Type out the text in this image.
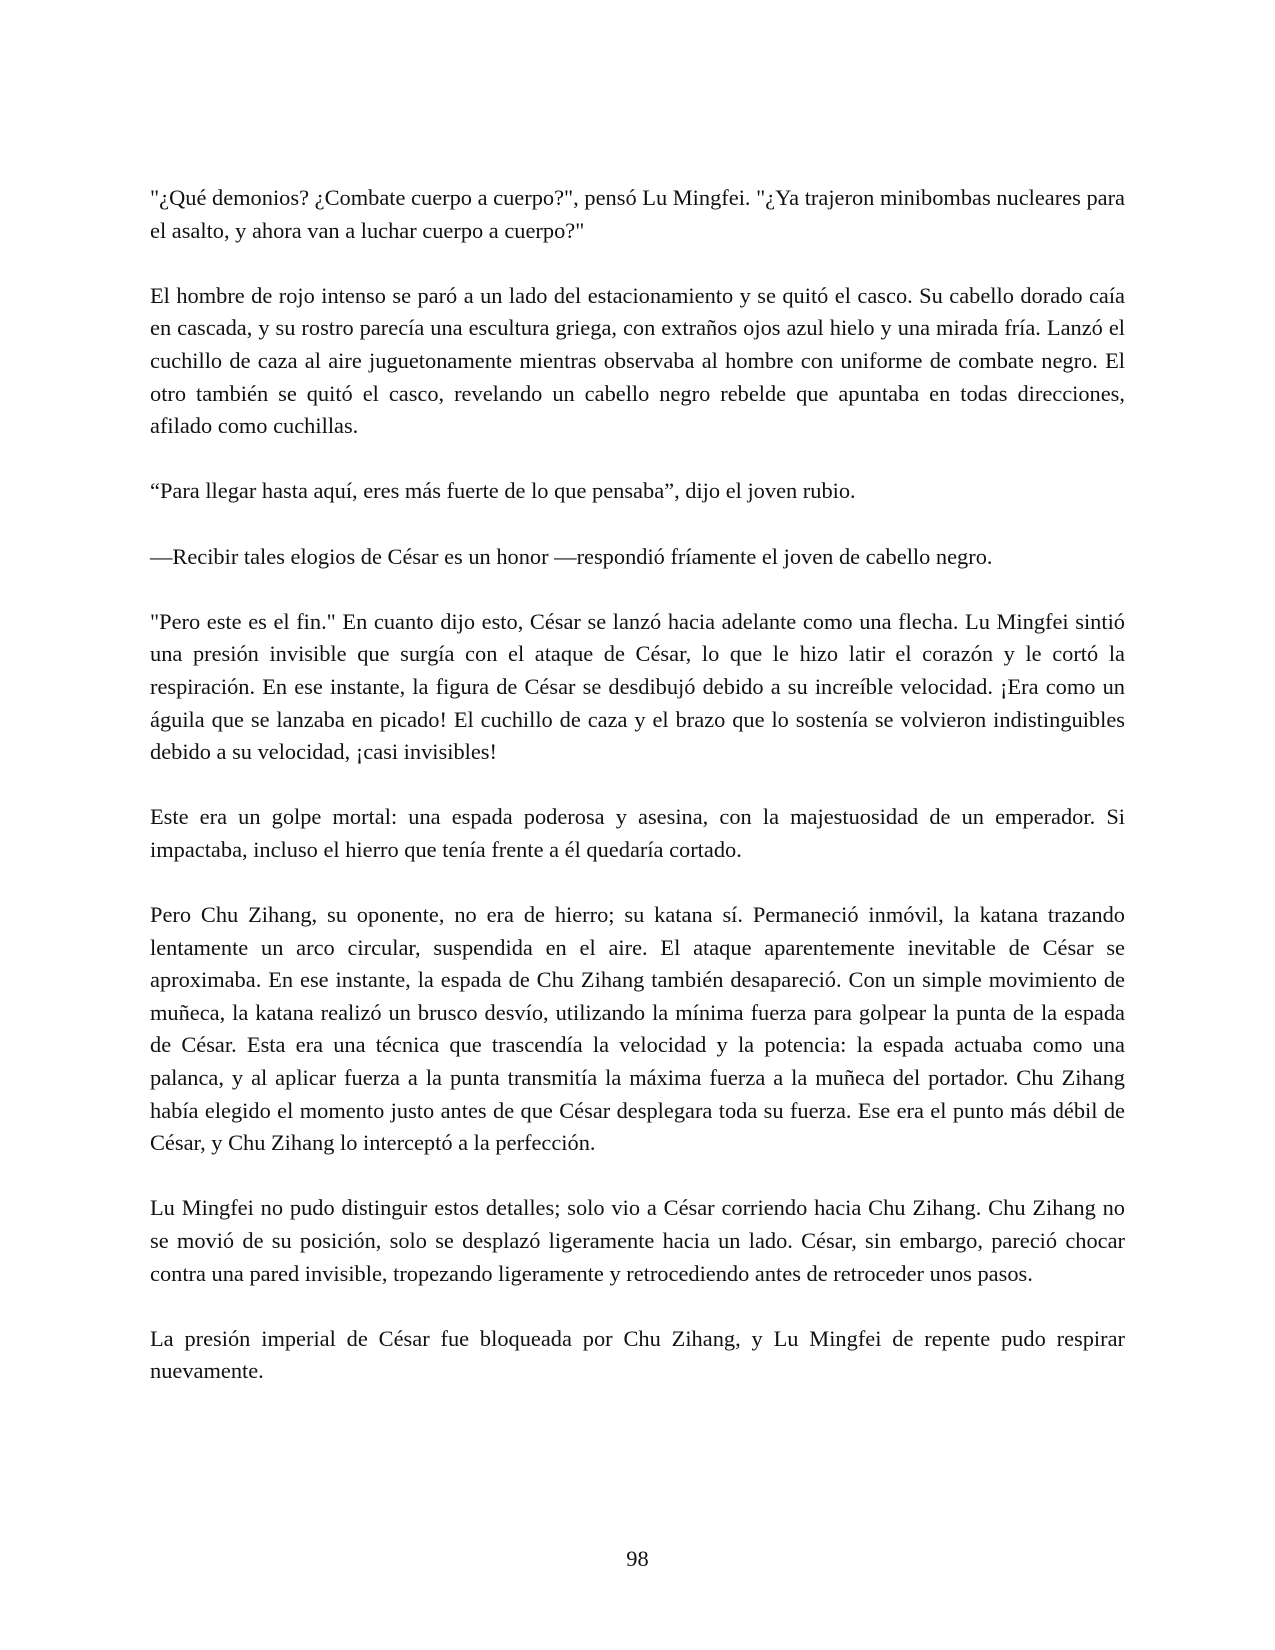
"¿Qué demonios? ¿Combate cuerpo a cuerpo?", pensó Lu Mingfei. "¿Ya trajeron minibombas nucleares para el asalto, y ahora van a luchar cuerpo a cuerpo?"

El hombre de rojo intenso se paró a un lado del estacionamiento y se quitó el casco. Su cabello dorado caía en cascada, y su rostro parecía una escultura griega, con extraños ojos azul hielo y una mirada fría. Lanzó el cuchillo de caza al aire juguetonamente mientras observaba al hombre con uniforme de combate negro. El otro también se quitó el casco, revelando un cabello negro rebelde que apuntaba en todas direcciones, afilado como cuchillas.

“Para llegar hasta aquí, eres más fuerte de lo que pensaba”, dijo el joven rubio.

—Recibir tales elogios de César es un honor —respondió fríamente el joven de cabello negro.

"Pero este es el fin." En cuanto dijo esto, César se lanzó hacia adelante como una flecha. Lu Mingfei sintió una presión invisible que surgía con el ataque de César, lo que le hizo latir el corazón y le cortó la respiración. En ese instante, la figura de César se desdibujó debido a su increíble velocidad. ¡Era como un águila que se lanzaba en picado! El cuchillo de caza y el brazo que lo sostenía se volvieron indistinguibles debido a su velocidad, ¡casi invisibles!

Este era un golpe mortal: una espada poderosa y asesina, con la majestuosidad de un emperador. Si impactaba, incluso el hierro que tenía frente a él quedaría cortado.

Pero Chu Zihang, su oponente, no era de hierro; su katana sí. Permaneció inmóvil, la katana trazando lentamente un arco circular, suspendida en el aire. El ataque aparentemente inevitable de César se aproximaba. En ese instante, la espada de Chu Zihang también desapareció. Con un simple movimiento de muñeca, la katana realizó un brusco desvío, utilizando la mínima fuerza para golpear la punta de la espada de César. Esta era una técnica que trascendía la velocidad y la potencia: la espada actuaba como una palanca, y al aplicar fuerza a la punta transmitía la máxima fuerza a la muñeca del portador. Chu Zihang había elegido el momento justo antes de que César desplegara toda su fuerza. Ese era el punto más débil de César, y Chu Zihang lo interceptó a la perfección.

Lu Mingfei no pudo distinguir estos detalles; solo vio a César corriendo hacia Chu Zihang. Chu Zihang no se movió de su posición, solo se desplazó ligeramente hacia un lado. César, sin embargo, pareció chocar contra una pared invisible, tropezando ligeramente y retrocediendo antes de retroceder unos pasos.

La presión imperial de César fue bloqueada por Chu Zihang, y Lu Mingfei de repente pudo respirar nuevamente.

98
